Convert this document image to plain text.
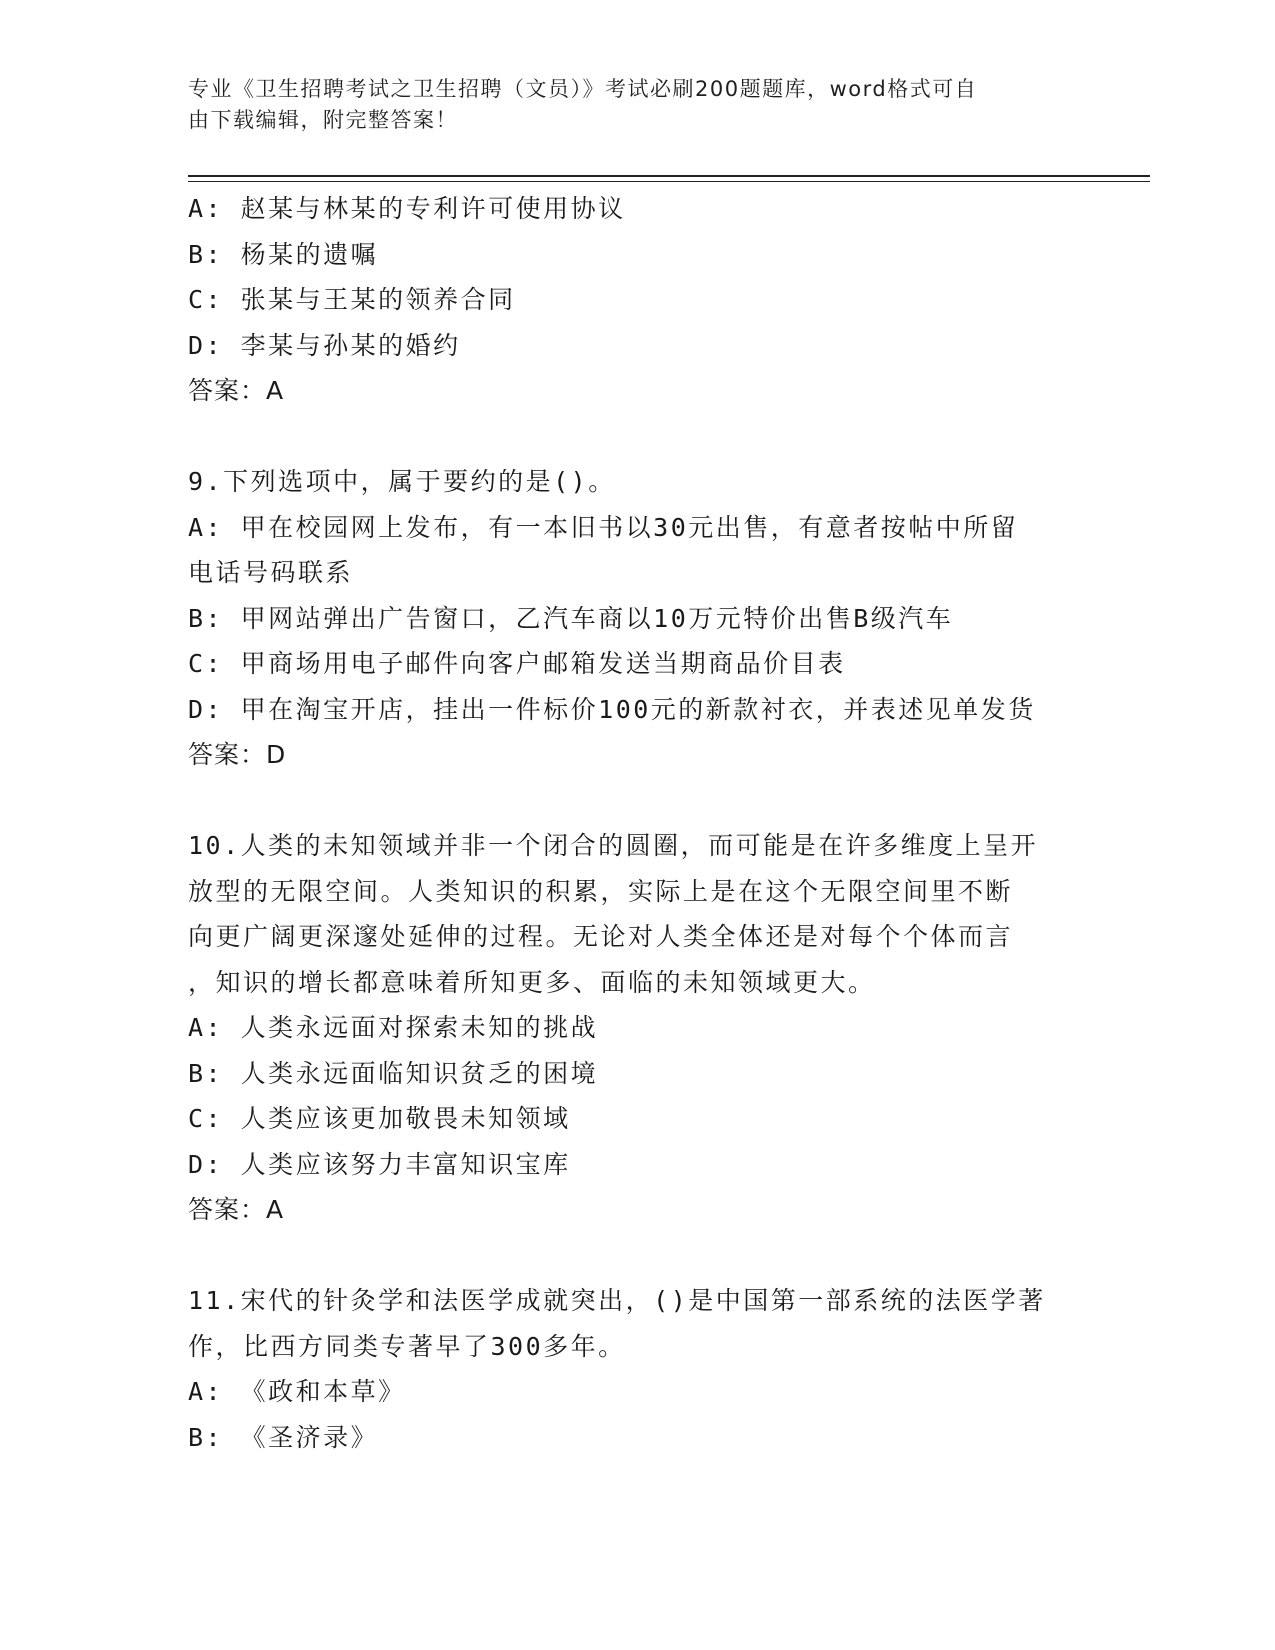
专业《卫生招聘考试之卫生招聘（文员）》考试必刷200题题库，word格式可自
由下载编辑，附完整答案！
A: 赵某与林某的专利许可使用协议
B: 杨某的遗嘱
C: 张某与王某的领养合同
D: 李某与孙某的婚约
答案：A
9.下列选项中，属于要约的是()。
A: 甲在校园网上发布，有一本旧书以30元出售，有意者按帖中所留
电话号码联系
B: 甲网站弹出广告窗口，乙汽车商以10万元特价出售B级汽车
C: 甲商场用电子邮件向客户邮箱发送当期商品价目表
D: 甲在淘宝开店，挂出一件标价100元的新款衬衣，并表述见单发货
答案：D
10.人类的未知领域并非一个闭合的圆圈，而可能是在许多维度上呈开
放型的无限空间。人类知识的积累，实际上是在这个无限空间里不断
向更广阔更深邃处延伸的过程。无论对人类全体还是对每个个体而言
，知识的增长都意味着所知更多、面临的未知领域更大。
A: 人类永远面对探索未知的挑战
B: 人类永远面临知识贫乏的困境
C: 人类应该更加敬畏未知领域
D: 人类应该努力丰富知识宝库
答案：A
11.宋代的针灸学和法医学成就突出，()是中国第一部系统的法医学著
作，比西方同类专著早了300多年。
A: 《政和本草》
B: 《圣济录》
